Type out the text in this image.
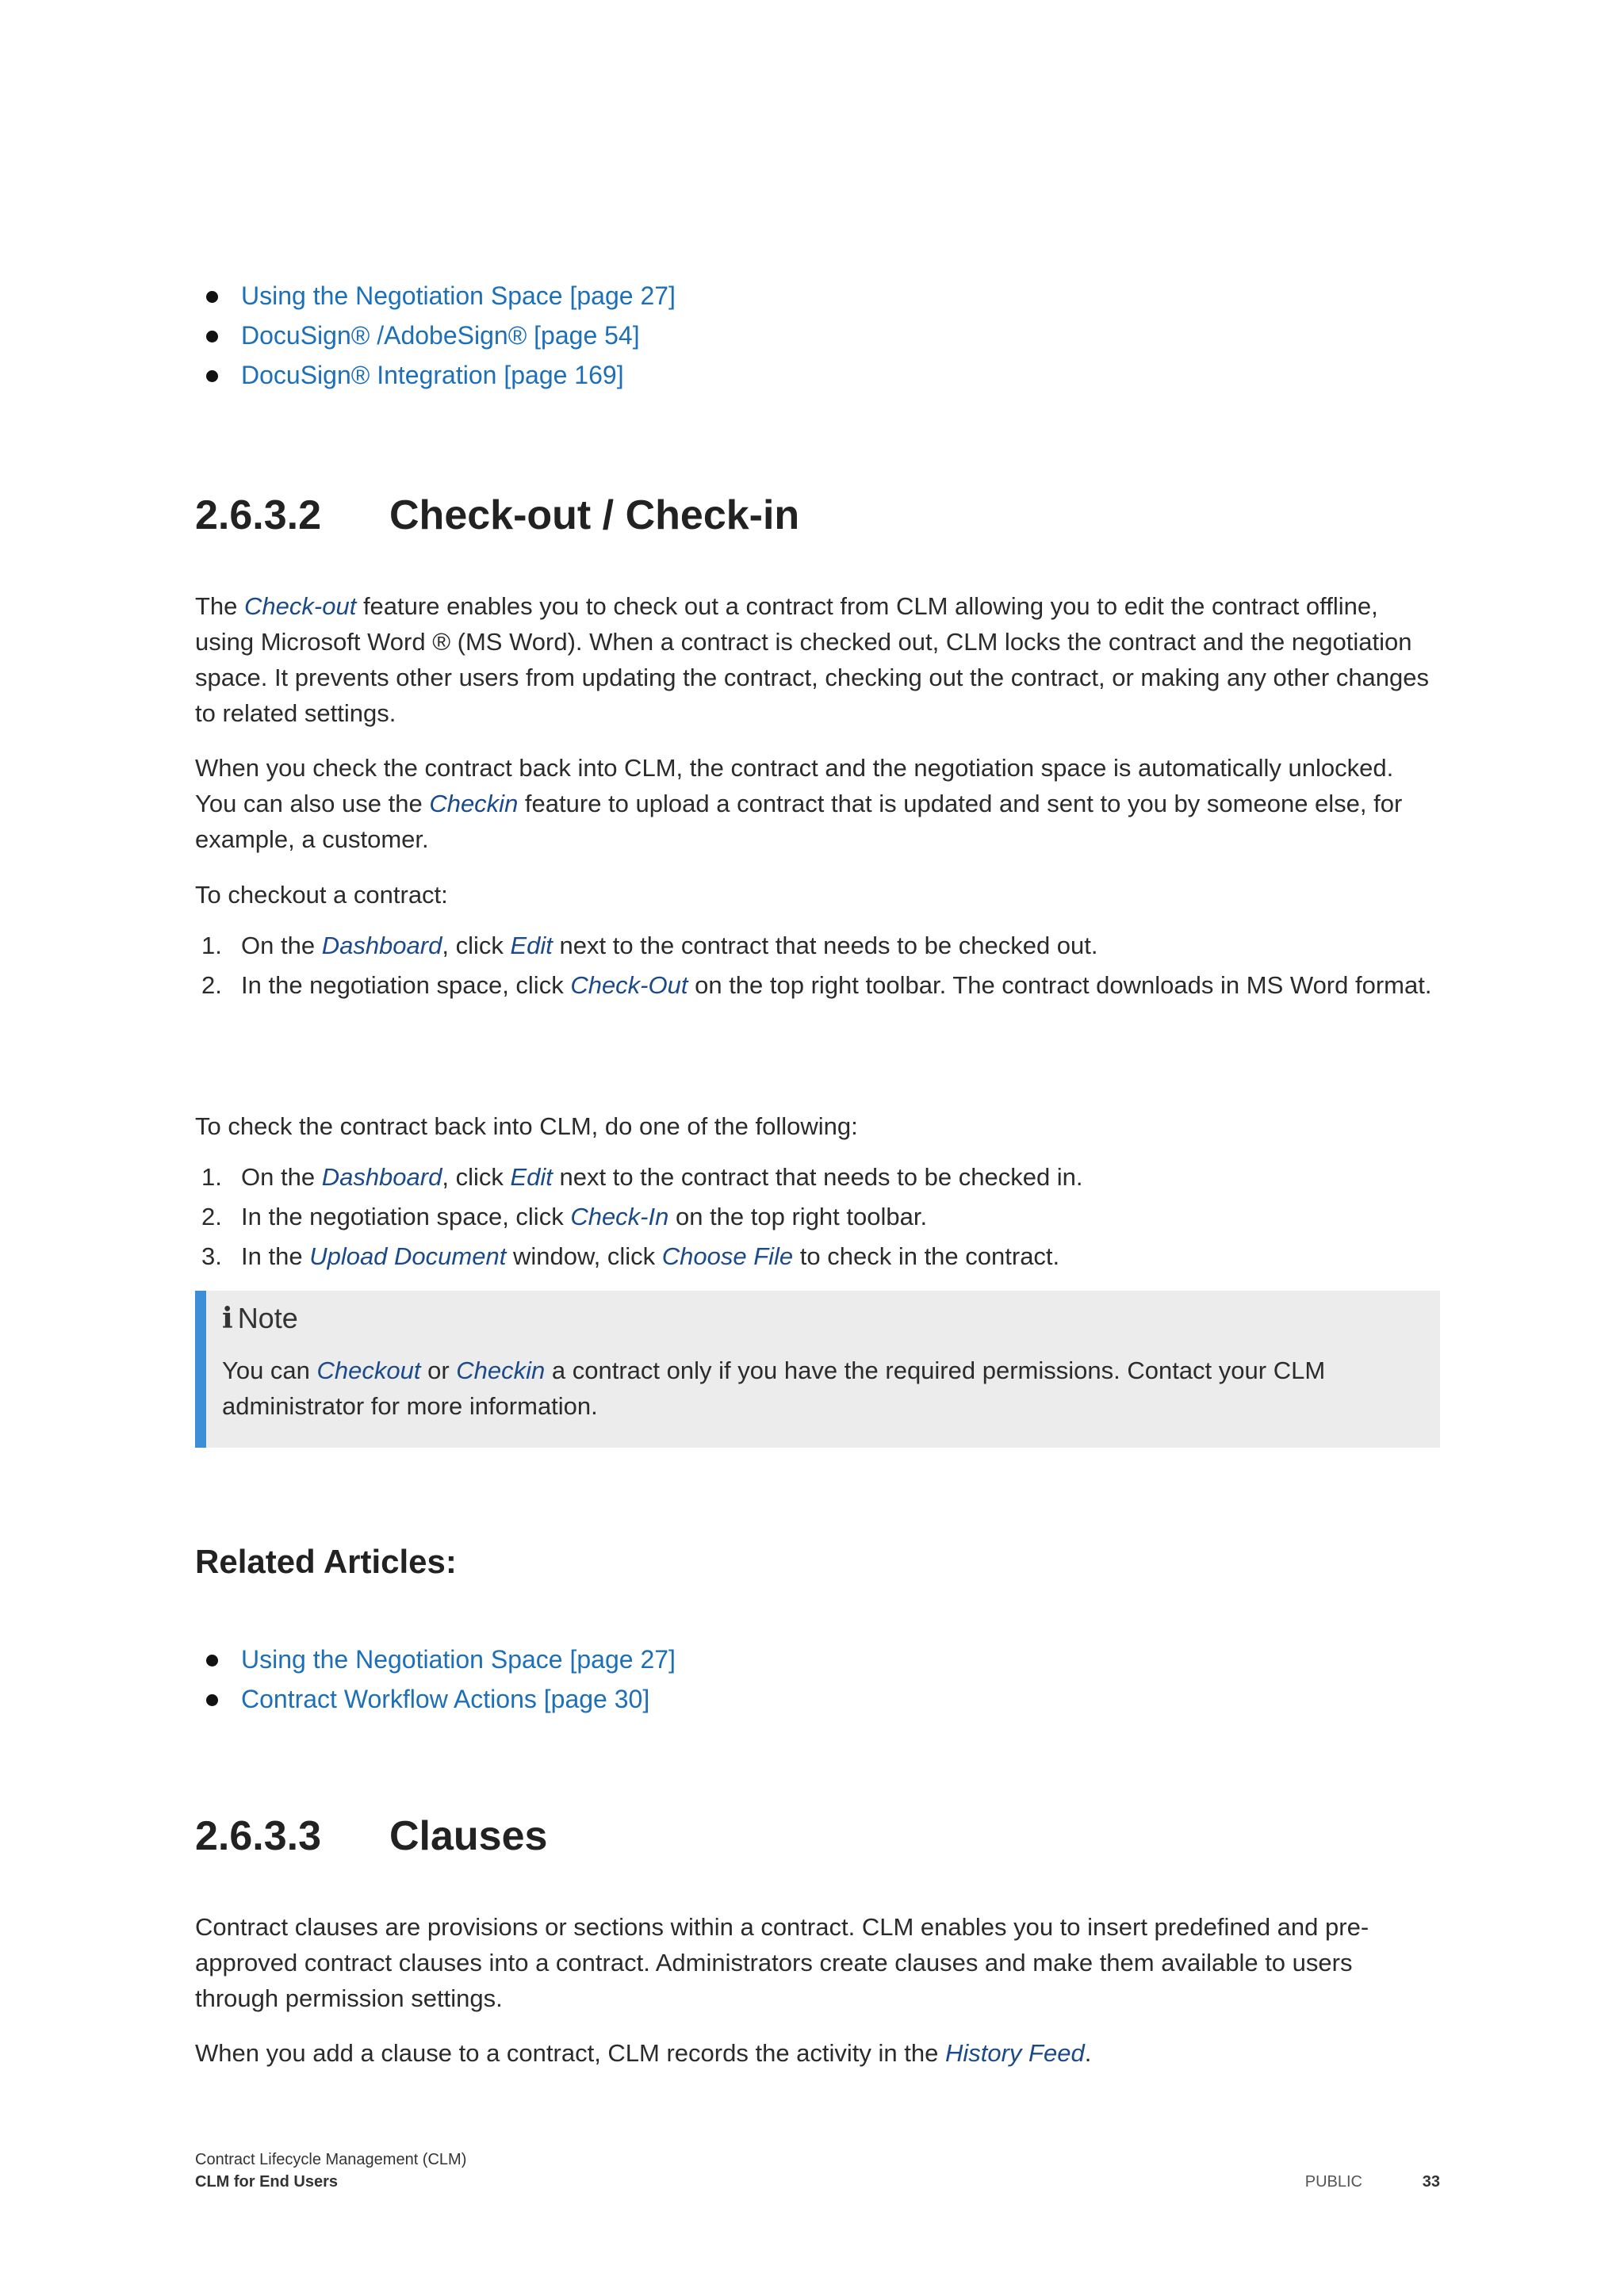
Using the Negotiation Space [page 27]
DocuSign® /AdobeSign® [page 54]
DocuSign® Integration [page 169]
2.6.3.2	Check-out / Check-in

The Check-out feature enables you to check out a contract from CLM allowing you to edit the contract offline, using Microsoft Word ® (MS Word). When a contract is checked out, CLM locks the contract and the negotiation space. It prevents other users from updating the contract, checking out the contract, or making any other changes to related settings.

When you check the contract back into CLM, the contract and the negotiation space is automatically unlocked. You can also use the Checkin feature to upload a contract that is updated and sent to you by someone else, for example, a customer.

To checkout a contract:

1. On the Dashboard, click Edit next to the contract that needs to be checked out.
2. In the negotiation space, click Check-Out on the top right toolbar. The contract downloads in MS Word format.

To check the contract back into CLM, do one of the following:

1. On the Dashboard, click Edit next to the contract that needs to be checked in.
2. In the negotiation space, click Check-In on the top right toolbar.
3. In the Upload Document window, click Choose File to check in the contract.
Related Articles:
Using the Negotiation Space [page 27]
Contract Workflow Actions [page 30]
2.6.3.3	Clauses

Contract clauses are provisions or sections within a contract. CLM enables you to insert predefined and pre-approved contract clauses into a contract. Administrators create clauses and make them available to users through permission settings.

When you add a clause to a contract, CLM records the activity in the History Feed.

i Note
You can Checkout or Checkin a contract only if you have the required permissions. Contact your CLM administrator for more information.
Contract Lifecycle Management (CLM)
CLM for End Users	PUBLIC	33
